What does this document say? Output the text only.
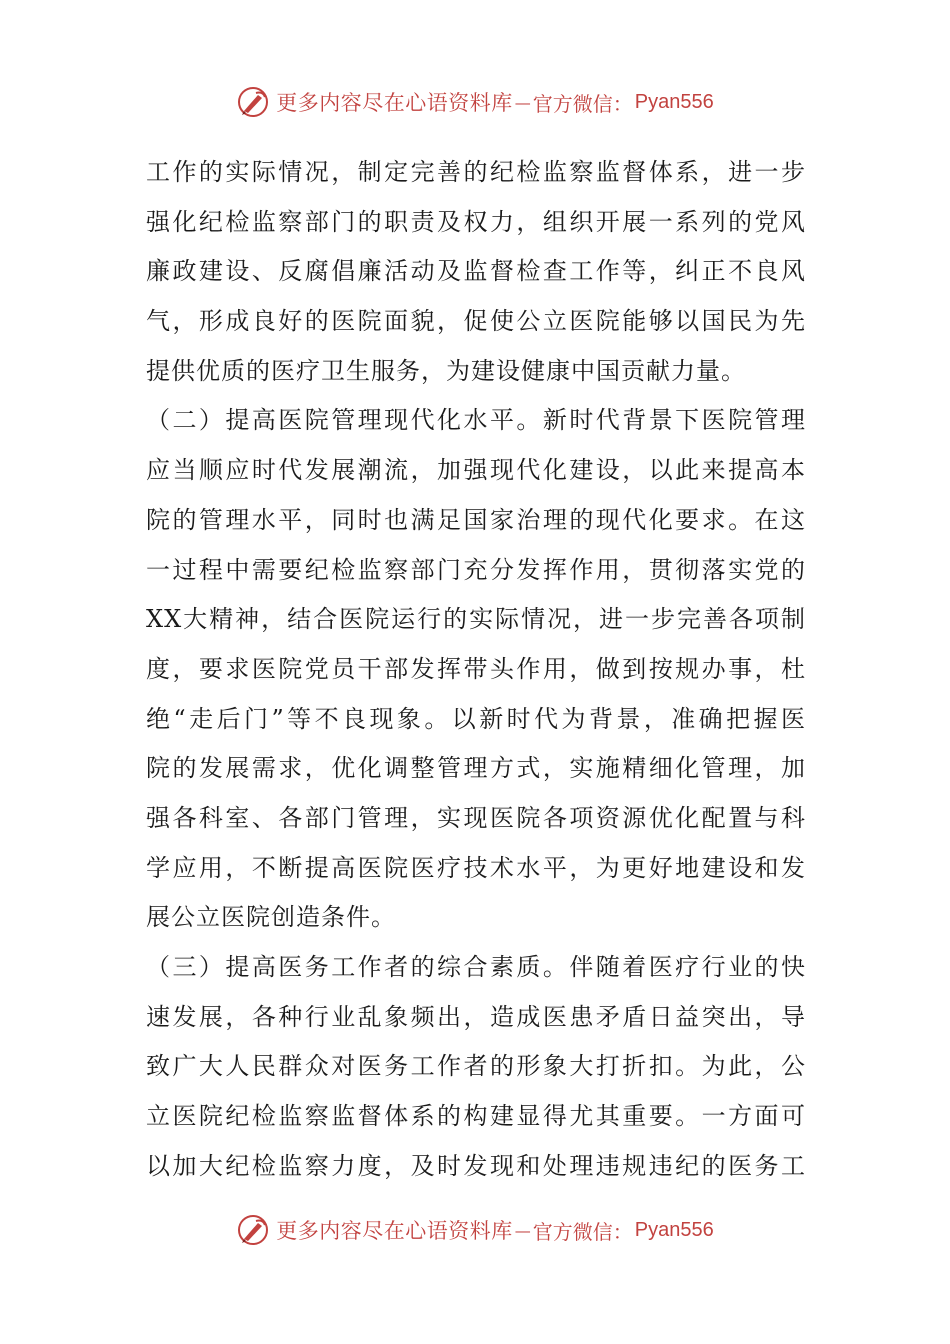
更多内容尽在心语资料库 — 官方微信： Pyan556
工作的实际情况，制定完善的纪检监察监督体系，进一步
强化纪检监察部门的职责及权力，组织开展一系列的党风
廉政建设、反腐倡廉活动及监督检查工作等，纠正不良风
气，形成良好的医院面貌，促使公立医院能够以国民为先
提供优质的医疗卫生服务，为建设健康中国贡献力量。
（二）提高医院管理现代化水平。新时代背景下医院管理
应当顺应时代发展潮流，加强现代化建设，以此来提高本
院的管理水平，同时也满足国家治理的现代化要求。在这
一过程中需要纪检监察部门充分发挥作用，贯彻落实党的
XX大精神，结合医院运行的实际情况，进一步完善各项制
度，要求医院党员干部发挥带头作用，做到按规办事，杜
绝“走后门”等不良现象。以新时代为背景，准确把握医
院的发展需求，优化调整管理方式，实施精细化管理，加
强各科室、各部门管理，实现医院各项资源优化配置与科
学应用，不断提高医院医疗技术水平，为更好地建设和发
展公立医院创造条件。
（三）提高医务工作者的综合素质。伴随着医疗行业的快
速发展，各种行业乱象频出，造成医患矛盾日益突出，导
致广大人民群众对医务工作者的形象大打折扣。为此，公
立医院纪检监察监督体系的构建显得尤其重要。一方面可
以加大纪检监察力度，及时发现和处理违规违纪的医务工
更多内容尽在心语资料库 — 官方微信： Pyan556
